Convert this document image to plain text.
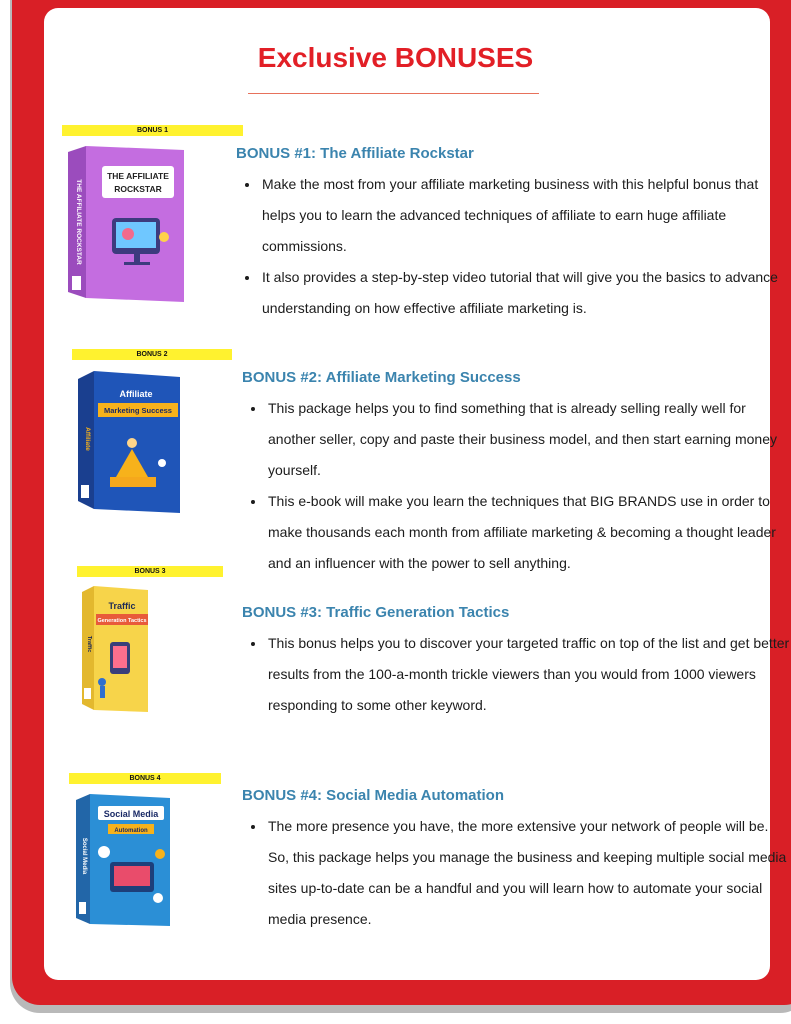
Exclusive BONUSES
BONUS 1
THE AFFILIATE
ROCKSTAR
THE AFFILIATE ROCKSTAR
BONUS #1: The Affiliate Rockstar
• Make the most from your affiliate marketing business with this helpful bonus that helps you to learn the advanced techniques of affiliate to earn huge affiliate commissions.
• It also provides a step-by-step video tutorial that will give you the basics to advance understanding on how effective affiliate marketing is.
BONUS 2
Affiliate
Marketing Success
Affiliate
BONUS #2: Affiliate Marketing Success
• This package helps you to find something that is already selling really well for another seller, copy and paste their business model, and then start earning money yourself.
• This e-book will make you learn the techniques that BIG BRANDS use in order to make thousands each month from affiliate marketing & becoming a thought leader and an influencer with the power to sell anything.
BONUS 3
Traffic
Generation Tactics
Traffic
BONUS #3: Traffic Generation Tactics
• This bonus helps you to discover your targeted traffic on top of the list and get better results from the 100-a-month trickle viewers than you would from 1000 viewers responding to some other keyword.
BONUS 4
Social Media
Automation
Social Media
BONUS #4: Social Media Automation
• The more presence you have, the more extensive your network of people will be. So, this package helps you manage the business and keeping multiple social media sites up-to-date can be a handful and you will learn how to automate your social media presence.
